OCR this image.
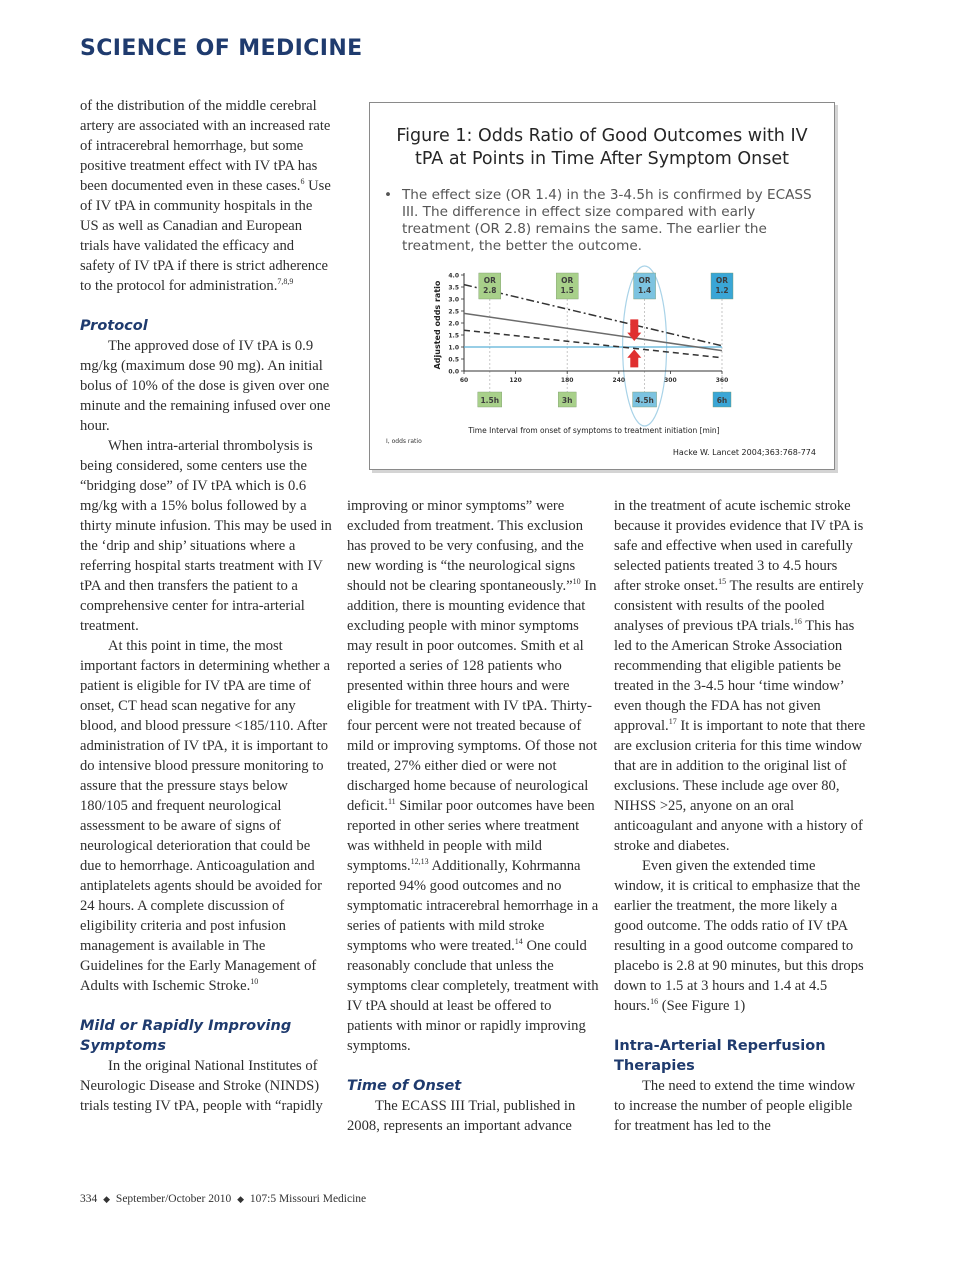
SCIENCE OF MEDICINE

of the distribution of the middle cerebral artery are associated with an increased rate of intracerebral hemorrhage, but some positive treatment effect with IV tPA has been documented even in these cases.$^6$ Use of IV tPA in community hospitals in the US as well as Canadian and European trials have validated the efficacy and safety of IV tPA if there is strict adherence to the protocol for administration.$^{7,8,9}$

Protocol

The approved dose of IV tPA is 0.9 mg/kg (maximum dose 90 mg). An initial bolus of 10% of the dose is given over one minute and the remaining infused over one hour.

When intra-arterial thrombolysis is being considered, some centers use the “bridging dose” of IV tPA which is 0.6 mg/kg with a 15% bolus followed by a thirty minute infusion. This may be used in the ‘drip and ship’ situations where a referring hospital starts treatment with IV tPA and then transfers the patient to a comprehensive center for intra-arterial treatment.

At this point in time, the most important factors in determining whether a patient is eligible for IV tPA are time of onset, CT head scan negative for any blood, and blood pressure <185/110. After administration of IV tPA, it is important to do intensive blood pressure monitoring to assure that the pressure stays below 180/105 and frequent neurological assessment to be aware of signs of neurological deterioration that could be due to hemorrhage. Anticoagulation and antiplatelets agents should be avoided for 24 hours. A complete discussion of eligibility criteria and post infusion management is available in The Guidelines for the Early Management of Adults with Ischemic Stroke.$^{10}$

Mild or Rapidly Improving Symptoms

In the original National Institutes of Neurologic Disease and Stroke (NINDS) trials testing IV tPA, people with “rapidly

Figure 1: Odds Ratio of Good Outcomes with IV tPA at Points in Time After Symptom Onset

• The effect size (OR 1.4) in the 3-4.5h is confirmed by ECASS III. The difference in effect size compared with early treatment (OR 2.8) remains the same. The earlier the treatment, the better the outcome.
0.0
0.5
1.0
1.5
2.0
2.5
3.0
3.5
4.0
60	120	180	240	300	360
Adjusted odds ratio
OR
2.8
OR
1.5
OR
1.4
OR
1.2
1.5h	3h	4.5h	6h
Time Interval from onset of symptoms to treatment initiation [min]
I, odds ratio
Hacke W. Lancet 2004;363:768-774

improving or minor symptoms” were excluded from treatment. This exclusion has proved to be very confusing, and the new wording is “the neurological signs should not be clearing spontaneously.”$^{10}$ In addition, there is mounting evidence that excluding people with minor symptoms may result in poor outcomes. Smith et al reported a series of 128 patients who presented within three hours and were eligible for treatment with IV tPA. Thirty-four percent were not treated because of mild or improving symptoms. Of those not treated, 27% either died or were not discharged home because of neurological deficit.$^{11}$ Similar poor outcomes have been reported in other series where treatment was withheld in people with mild symptoms.$^{12,13}$ Additionally, Kohrmanna reported 94% good outcomes and no symptomatic intracerebral hemorrhage in a series of patients with mild stroke symptoms who were treated.$^{14}$ One could reasonably conclude that unless the symptoms clear completely, treatment with IV tPA should at least be offered to patients with minor or rapidly improving symptoms.

Time of Onset

The ECASS III Trial, published in 2008, represents an important advance

in the treatment of acute ischemic stroke because it provides evidence that IV tPA is safe and effective when used in carefully selected patients treated 3 to 4.5 hours after stroke onset.$^{15}$ The results are entirely consistent with results of the pooled analyses of previous tPA trials.$^{16}$ This has led to the American Stroke Association recommending that eligible patients be treated in the 3-4.5 hour ‘time window’ even though the FDA has not given approval.$^{17}$ It is important to note that there are exclusion criteria for this time window that are in addition to the original list of exclusions. These include age over 80, NIHSS >25, anyone on an oral anticoagulant and anyone with a history of stroke and diabetes.

Even given the extended time window, it is critical to emphasize that the earlier the treatment, the more likely a good outcome. The odds ratio of IV tPA resulting in a good outcome compared to placebo is 2.8 at 90 minutes, but this drops down to 1.5 at 3 hours and 1.4 at 4.5 hours.$^{16}$ (See Figure 1)

Intra-Arterial Reperfusion Therapies

The need to extend the time window to increase the number of people eligible for treatment has led to the

334 ◆ September/October 2010 ◆ 107:5 Missouri Medicine
